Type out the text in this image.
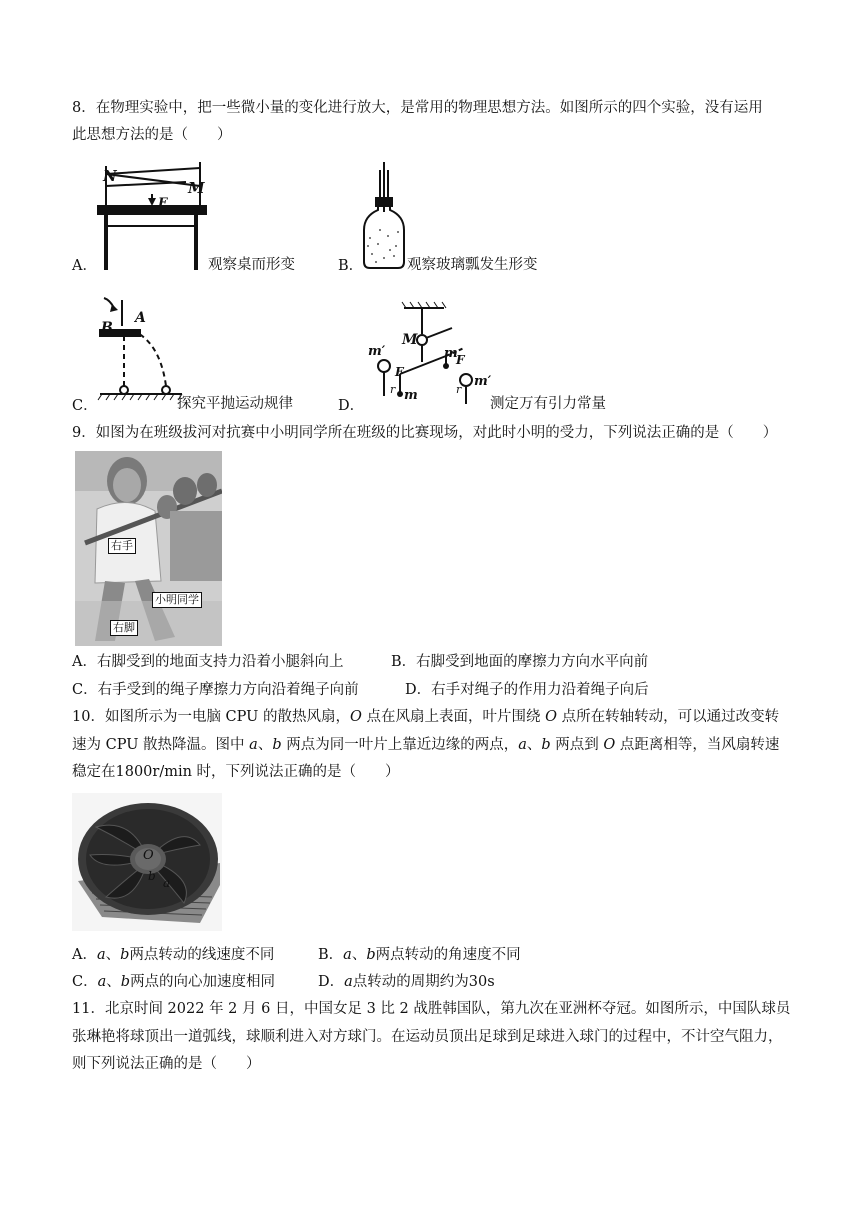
8．在物理实验中，把一些微小量的变化进行放大，是常用的物理思想方法。如图所示的四个实验，没有运用
此思想方法的是（　　）
N
M
F
A．	观察桌而形变	B．	观察玻璃瓢发生形变
B
A
C．	探究平抛运动规律
M
m′
m′
m
m
F
F
r	r
D．	测定万有引力常量
9．如图为在班级拔河对抗赛中小明同学所在班级的比赛现场，对此时小明的受力，下列说法正确的是（　　）
右手
小明同学
右脚
A．右脚受到的地面支持力沿着小腿斜向上	B．右脚受到地面的摩擦力方向水平向前
C．右手受到的绳子摩擦力方向沿着绳子向前	D．右手对绳子的作用力沿着绳子向后
10．如图所示为一电脑 CPU 的散热风扇，O 点在风扇上表面，叶片围绕 O 点所在转轴转动，可以通过改变转
速为 CPU 散热降温。图中 a、b 两点为同一叶片上靠近边缘的两点，a、b 两点到 O 点距离相等，当风扇转速
稳定在1800r/min 时，下列说法正确的是（　　）
O
a
b
A．a、b两点转动的线速度不同	B．a、b两点转动的角速度不同
C．a、b两点的向心加速度相同	D．a点转动的周期约为30s
11．北京时间 2022 年 2 月 6 日，中国女足 3 比 2 战胜韩国队，第九次在亚洲杯夺冠。如图所示，中国队球员
张琳艳将球顶出一道弧线，球顺利进入对方球门。在运动员顶出足球到足球进入球门的过程中，不计空气阻力，
则下列说法正确的是（　　）
